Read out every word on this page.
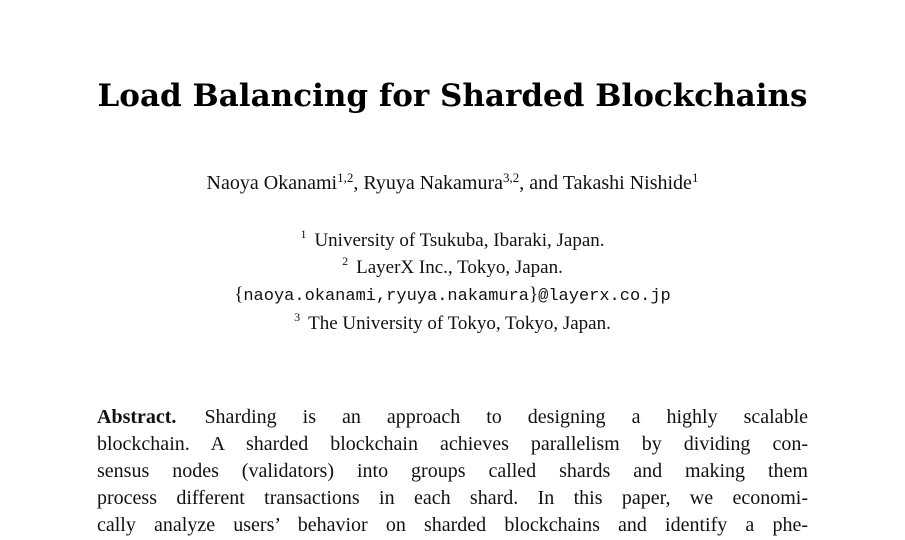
Load Balancing for Sharded Blockchains
Naoya Okanami$^{1,2}$, Ryuya Nakamura$^{3,2}$, and Takashi Nishide$^1$
$^1$ University of Tsukuba, Ibaraki, Japan.
$^2$ LayerX Inc., Tokyo, Japan.
{naoya.okanami,ryuya.nakamura}@layerx.co.jp
$^3$ The University of Tokyo, Tokyo, Japan.
Abstract. Sharding is an approach to designing a highly scalable
blockchain. A sharded blockchain achieves parallelism by dividing con-
sensus nodes (validators) into groups called shards and making them
process different transactions in each shard. In this paper, we economi-
cally analyze users’ behavior on sharded blockchains and identify a phe-
